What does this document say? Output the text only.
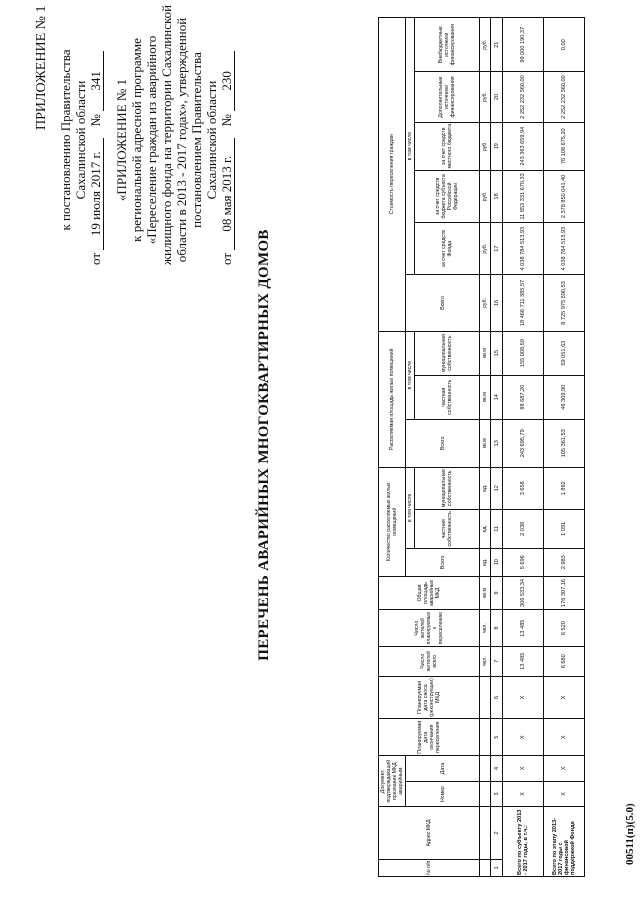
ПРИЛОЖЕНИЕ № 1 к постановлению Правительства Сахалинской области
от 19 июля 2017 г. № 341 «ПРИЛОЖЕНИЕ № 1 к региональной адресной программе «Переселение граждан из аварийного жилищного фонда на территории Сахалинской области в 2013 - 2017 годах», утвержденной постановлением Правительства Сахалинской области
от 08 мая 2013 г. № 230
ПЕРЕЧЕНЬ АВАРИЙНЫХ МНОГОКВАРТИРНЫХ ДОМОВ
№ п/п	Адрес МКД	Документ, подтверждающий признание МКД аварийным		Планируемая дата окончания переселения	Планируемая дата сноса (реконструкции) МКД	Число жителей всего	Число жителей планируемых к переселению	Общая площадь аварийных МКД	Количество расселяемых жилых помещений			Расселяемая площадь жилых помещений			Стоимость переселения граждан					
		Номер	Дата						Всего	в том числе		Всего	в том числе		Всего	в том числе				
										частная собственность	муниципальная собственность		частная собственность	муниципальная собственность		за счет средств Фонда	за счет средств бюджета субъекта Российской Федерации	за счет средств местного бюджета	Дополнительные источники финансирования	Внебюджетные источники финансирования
						чел.	чел.	кв.м	ед.	ед.	ед.	кв.м	кв.м	кв.м	руб.	руб.	руб.	руб.	руб.	руб.
1	2	3	4	5	6	7	8	9	10	11	12	13	14	15	16	17	18	19	20	21
Всего по субъекту 2013 - 2017 годы, в т.ч.:		X	X	X	X	13 485	13 485	306 533,34	5 696	2 038	3 658	243 695,79	88 687,20	155 008,59	18 466 711 385,57	4 038 784 513,93	11 853 331 670,33	243 363 659,94	2 252 232 360,00	99 000 190,37
Всего по этапу 2013-2017 годы с финансовой поддержкой Фонда		X	X	X	X	6 680	6 520	176 307,16	2 983	1 091	1 892	105 361,53	46 309,90	59 051,63	8 725 975 590,53	4 038 784 513,93	2 378 850 041,40	76 108 675,20	2 252 232 360,00	0,00
00511(п)(5.0)
